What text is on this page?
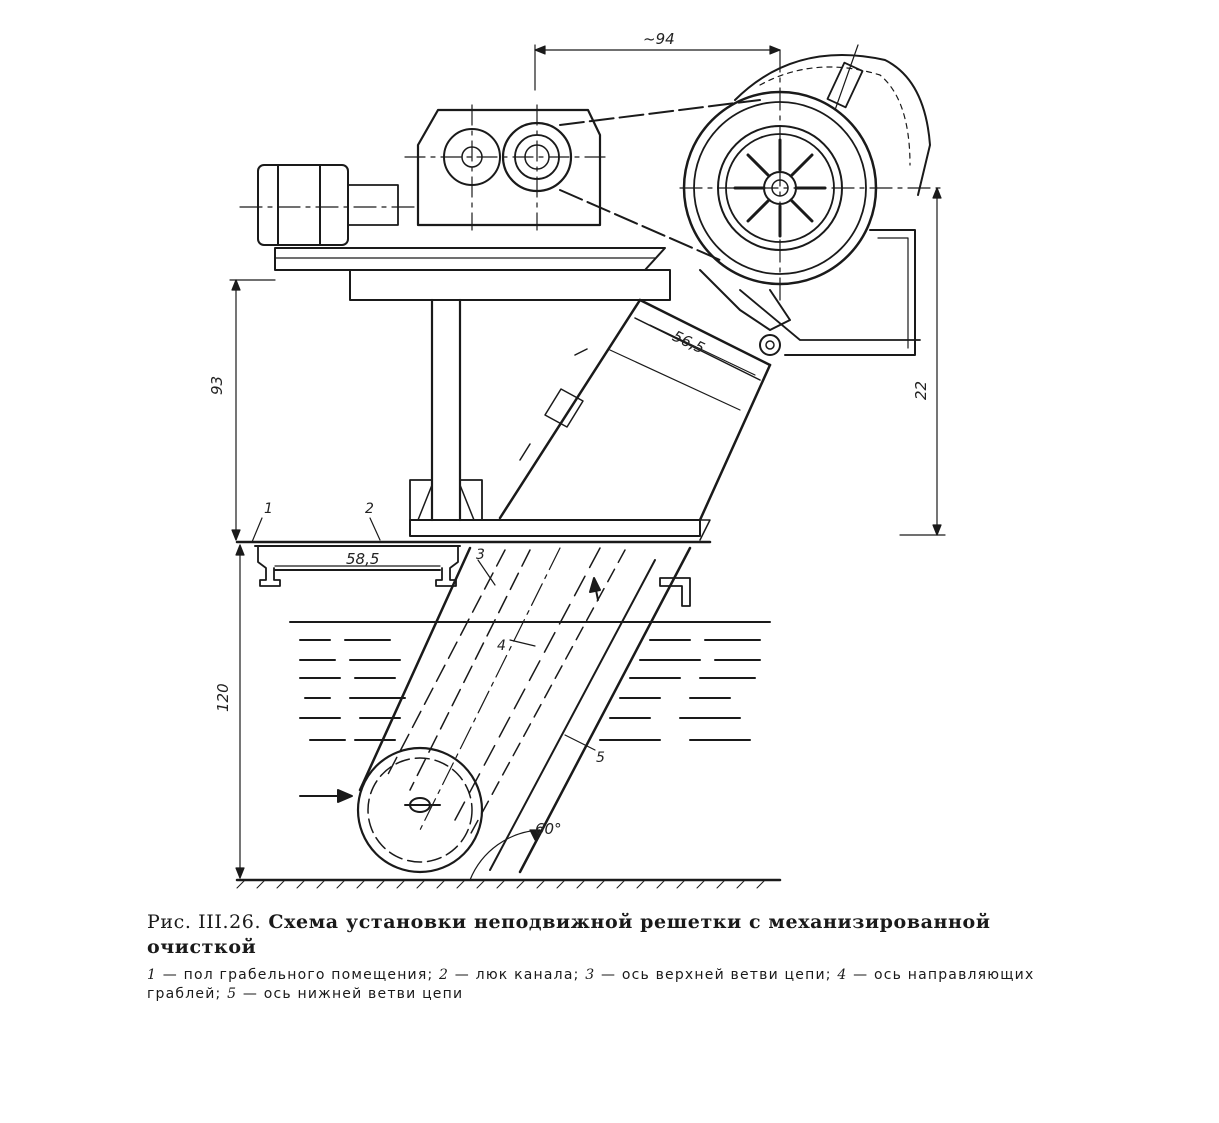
~94
56,5
93	22
58,5
120
60°
1	2
3
4
5
Рис. III.26. Схема установки неподвижной решетки с механизированной очисткой
1 — пол грабельного помещения; 2 — люк канала; 3 — ось верхней ветви цепи; 4 — ось направляющих граблей; 5 — ось нижней ветви цепи
